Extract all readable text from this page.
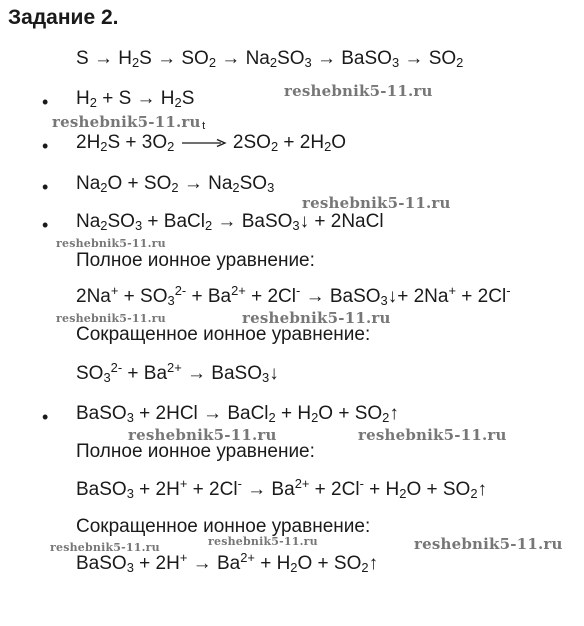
Задание 2.
$S \to H_2S \to SO_2 \to Na_2SO_3$ → BaSO$_3$ → $SO_2$
• $H_2 + S \to H_2S$	reshebnik5-11.ru
reshebnik5-11.ru
• $2H_2S + 3O_2$
t
$2SO_2 + 2H_2O$
• $Na_2O + SO_2 \to Na_2SO_3$
reshebnik5-11.ru
• $Na_2SO_3$ + BaCl$_2$ → BaSO$_3$↓ + 2NaCl
reshebnik5-11.ru
Полное ионное уравнение:
$2Na^+ + SO_3^{2-} + Ba^{2+} + 2Cl^-$ → BaSO$_3$↓+ 2Na+ + 2Cl-
reshebnik5-11.ru	reshebnik5-11.ru
Сокращенное ионное уравнение:
$SO_3^{2-} + Ba^{2+}$ → BaSO$_3$↓
• BaSO$_3$ + 2HCl → BaCl$_2$ + $H_2O$ + $SO_2↑$
reshebnik5-11.ru	reshebnik5-11.ru
Полное ионное уравнение:
BaSO$_3$ + $2H^+ + 2Cl^- \to Ba^{2+} + 2Cl^- + H_2O$ + $SO_2↑$
Сокращенное ионное уравнение:
reshebnik5-11.ru	reshebnik5-11.ru	reshebnik5-11.ru
BaSO$_3$ + $2H^+ \to Ba^{2+} + H_2O$ + $SO_2↑$
